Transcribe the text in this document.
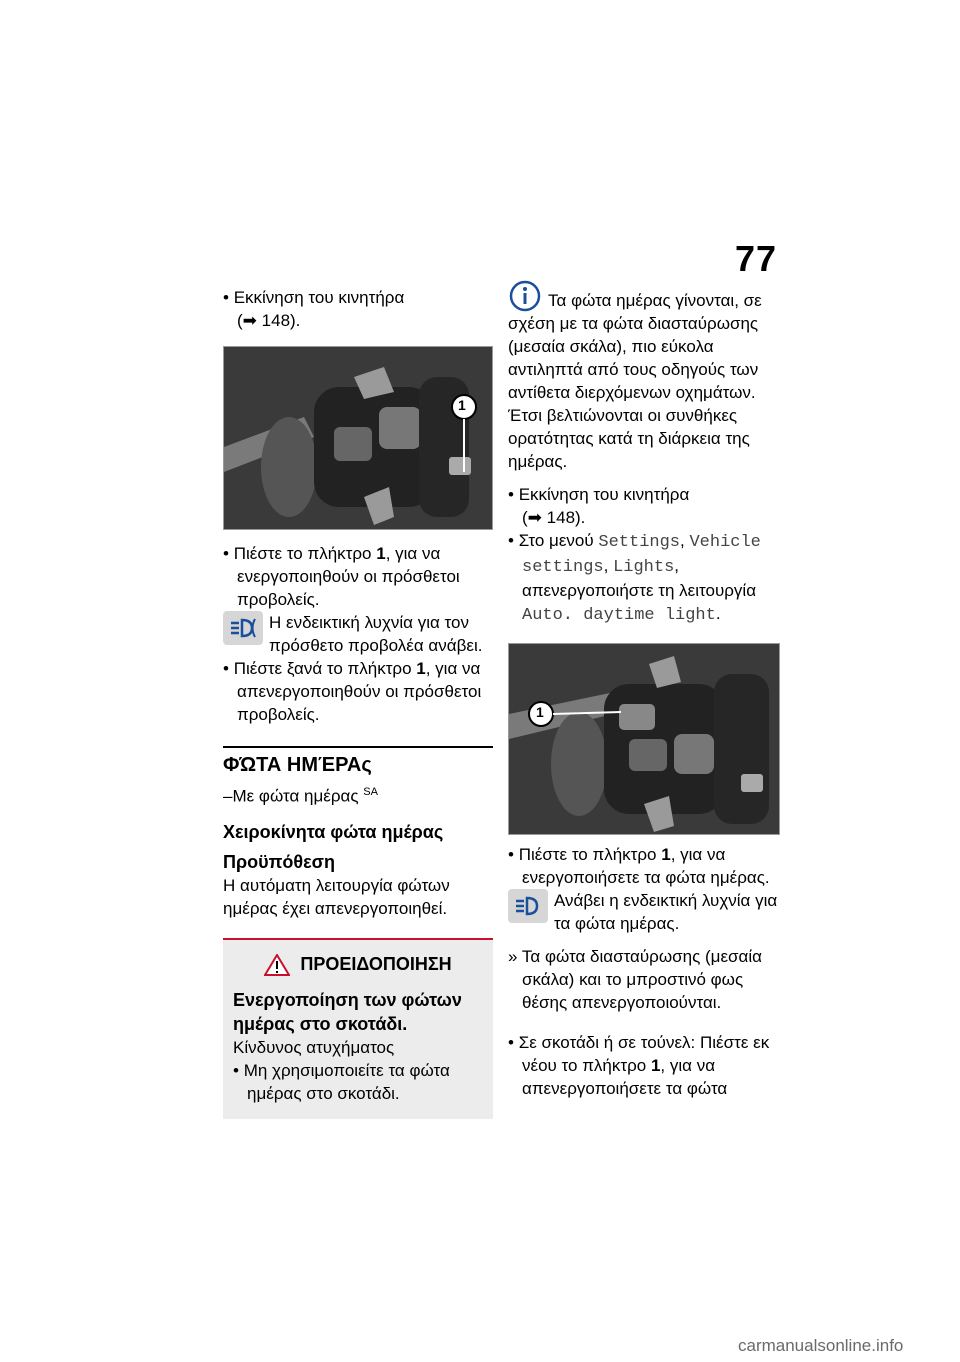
77

• Εκκίνηση του κινητήρα

(➡ 148).

1

• Πιέστε το πλήκτρο 1, για να ενεργοποιηθούν οι πρόσθετοι προβολείς.

Η ενδεικτική λυχνία για τον πρόσθετο προβολέα ανάβει.

• Πιέστε ξανά το πλήκτρο 1, για να απενεργοποιηθούν οι πρόσθετοι προβολείς.

ΦΏΤΑ ΗΜΈΡΑς

–Με φώτα ημέρας $^{SA}$

Χειροκίνητα φώτα ημέρας
Προϋπόθεση

Η αυτόματη λειτουργία φώτων ημέρας έχει απενεργοποιηθεί.

ΠΡΟΕΙΔΟΠΟΙΗΣΗ
Ενεργοποίηση των φώτων ημέρας στο σκοτάδι.

Κίνδυνος ατυχήματος

• Μη χρησιμοποιείτε τα φώτα ημέρας στο σκοτάδι.

Τα φώτα ημέρας γίνονται, σε σχέση με τα φώτα διασταύρωσης (μεσαία σκάλα), πιο εύκολα αντιληπτά από τους οδηγούς των αντίθετα διερχόμενων οχημάτων. Έτσι βελτιώνονται οι συνθήκες ορατότητας κατά τη διάρκεια της ημέρας.

• Εκκίνηση του κινητήρα

(➡ 148).

• Στο μενού Settings, Vehicle settings, Lights, απενεργοποιήστε τη λειτουργία Auto. daytime light.

1

• Πιέστε το πλήκτρο 1, για να ενεργοποιήσετε τα φώτα ημέρας.

Ανάβει η ενδεικτική λυχνία για τα φώτα ημέρας.

» Τα φώτα διασταύρωσης (μεσαία σκάλα) και το μπροστινό φως θέσης απενεργοποιούνται.

• Σε σκοτάδι ή σε τούνελ: Πιέστε εκ νέου το πλήκτρο 1, για να απενεργοποιήσετε τα φώτα

carmanualsonline.info
